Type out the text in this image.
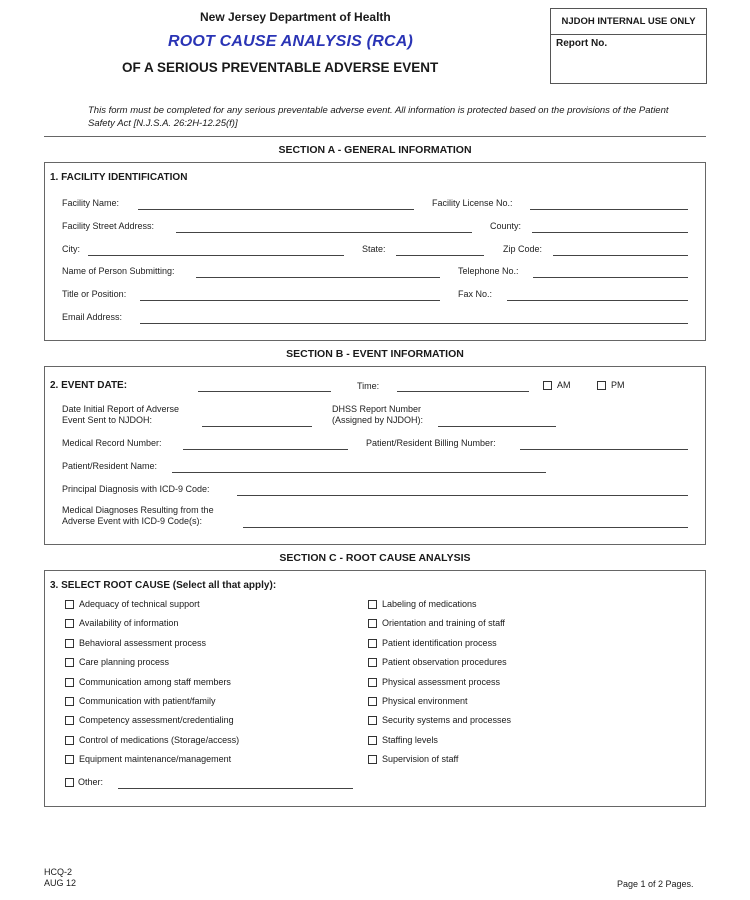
New Jersey Department of Health
ROOT CAUSE ANALYSIS (RCA)
OF A SERIOUS PREVENTABLE ADVERSE EVENT
NJDOH INTERNAL USE ONLY
Report No.
This form must be completed for any serious preventable adverse event. All information is protected based on the provisions of the Patient Safety Act [N.J.S.A. 26:2H-12.25(f)]
SECTION A - GENERAL INFORMATION
1. FACILITY IDENTIFICATION
Facility Name:	Facility License No.:
Facility Street Address:	County:
City:	State:	Zip Code:
Name of Person Submitting:	Telephone No.:
Title or Position:	Fax No.:
Email Address:
SECTION B - EVENT INFORMATION
2. EVENT DATE:	Time:	AM	PM
Date Initial Report of Adverse
Event Sent to NJDOH:
DHSS Report Number
(Assigned by NJDOH):
Medical Record Number:	Patient/Resident Billing Number:
Patient/Resident Name:
Principal Diagnosis with ICD-9 Code:
Medical Diagnoses Resulting from the
Adverse Event with ICD-9 Code(s):
SECTION C - ROOT CAUSE ANALYSIS
3. SELECT ROOT CAUSE (Select all that apply):
Adequacy of technical support
Availability of information
Behavioral assessment process
Care planning process
Communication among staff members
Communication with patient/family
Competency assessment/credentialing
Control of medications (Storage/access)
Equipment maintenance/management
Labeling of medications
Orientation and training of staff
Patient identification process
Patient observation procedures
Physical assessment process
Physical environment
Security systems and processes
Staffing levels
Supervision of staff
Other:
HCQ-2
AUG 12	Page 1 of 2 Pages.
